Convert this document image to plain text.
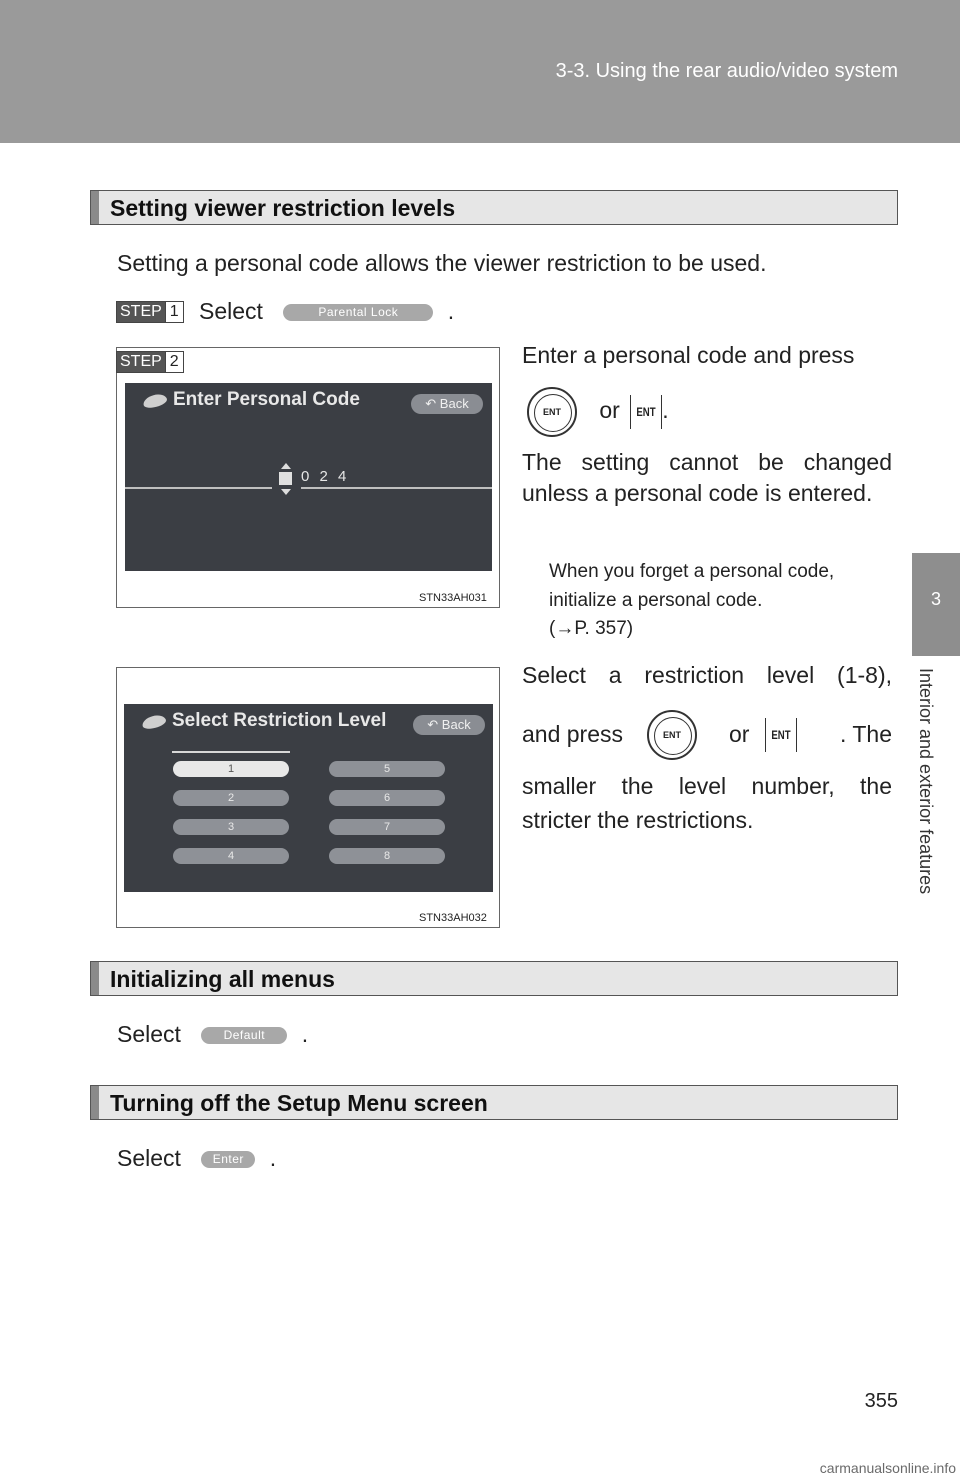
3-3. Using the rear audio/video system
3
Interior and exterior features
Setting viewer restriction levels
Setting a personal code allows the viewer restriction to be used.
STEP 1 Select	Parental Lock .
Enter Personal Code	↶ Back
0 2 4
STN33AH031
STEP 2	Enter a personal code and press
ENT	or ENT .
The setting cannot be changed unless a personal code is entered.
When you forget a personal code, initialize a personal code.
(→P. 357)
Select Restriction Level	↶ Back
1
2
3
4
5
6
7
8
STN33AH032
Select a restriction level (1-8),
and press	ENT	or ENT . The
smaller the level number, the
stricter the restrictions.
Initializing all menus
Select	Default .
Turning off the Setup Menu screen
Select	Enter .
355
carmanualsonline.info
